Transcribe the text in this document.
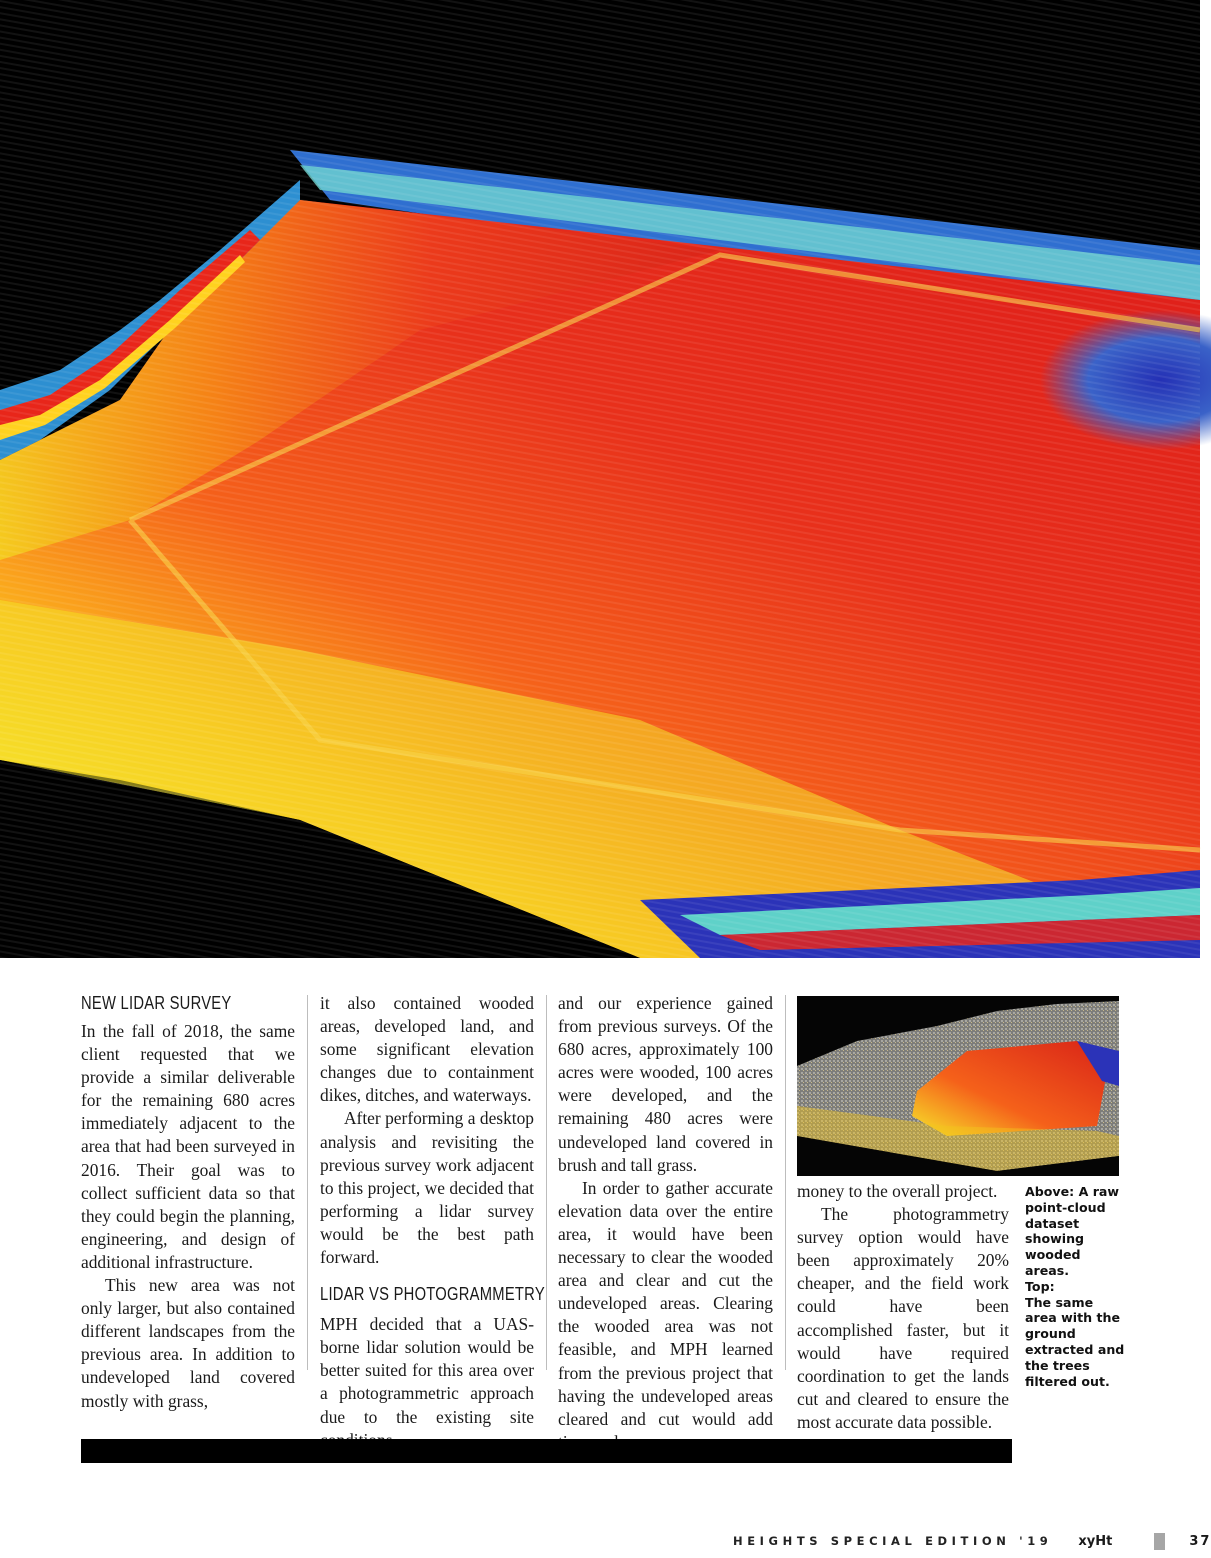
NEW LIDAR SURVEY

In the fall of 2018, the same client requested that we provide a similar deliverable for the remaining 680 acres immediately adjacent to the area that had been surveyed in 2016. Their goal was to collect sufficient data so that they could begin the planning, engineering, and design of additional infrastructure.

This new area was not only larger, but also contained different landscapes from the previous area. In addition to undeveloped land covered mostly with grass,

it also contained wooded areas, developed land, and some significant elevation changes due to containment dikes, ditches, and waterways.

After performing a desktop analysis and revisiting the previous survey work adjacent to this project, we decided that performing a lidar survey would be the best path forward.

LIDAR VS PHOTOGRAMMETRY

MPH decided that a UAS-borne lidar solution would be better suited for this area over a photogrammetric approach due to the existing site

and our experience gained from previous surveys. Of the 680 acres, approximately 100 acres were wooded, 100 acres were developed, and the remaining 480 acres were undeveloped land covered in brush and tall grass.

In order to gather accurate elevation data over the entire area, it would have been necessary to clear the wooded area and clear and cut the undeveloped areas. Clearing the wooded area was not feasible, and MPH learned from the previous project that having the undeveloped areas cleared and cut would add

money to the overall project.

The photogrammetry survey option would have been approximately 20% cheaper, and the field work could have been accomplished faster, but it would have required coordination to get the lands cut and cleared to ensure the most accurate data possible.

Above: A raw point-cloud dataset showing wooded areas.
Top:
The same area with the ground extracted and the trees filtered out.
HEIGHTS SPECIAL EDITION '19 xyHt	37
